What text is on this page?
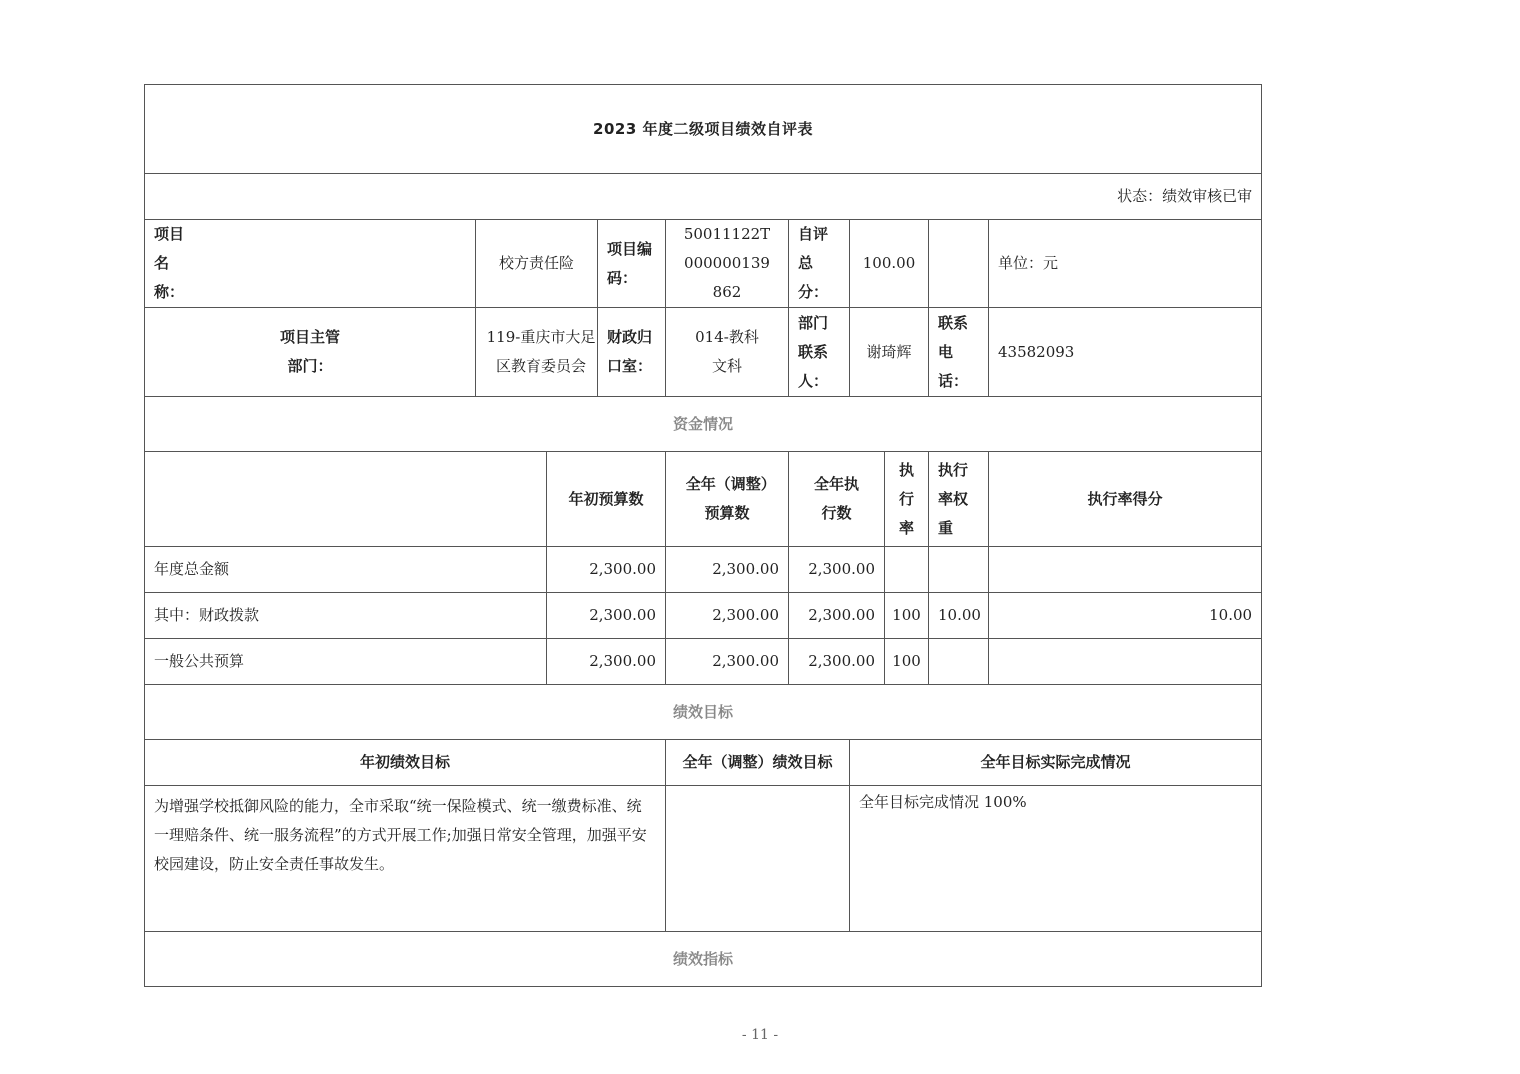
2023 年度二级项目绩效自评表									
状态：绩效审核已审									

项目名称：	校方责任险		项目编码：	50011122T000000139862	自评总分：	100.00			单位：元

项目主管部门：	119-重庆市大足区教育委员会		财政归口室：	014-教科文科	部门联系人：	谢琦辉		联系电话：	43582093
资金情况									
		年初预算数		全年（调整）预算数	全年执行数		执行率	执行率权重	执行率得分
年度总金额		2,300.00		2,300.00	2,300.00				
其中：财政拨款		2,300.00		2,300.00	2,300.00		100	10.00	10.00
一般公共预算		2,300.00		2,300.00	2,300.00		100		
绩效目标									
年初绩效目标				全年（调整）绩效目标		全年目标实际完成情况			
为增强学校抵御风险的能力，全市采取“统一保险模式、统一缴费标准、统一理赔条件、统一服务流程”的方式开展工作;加强日常安全管理，加强平安校园建设，防止安全责任事故发生。						全年目标完成情况 100%			
绩效指标									
- 11 -
